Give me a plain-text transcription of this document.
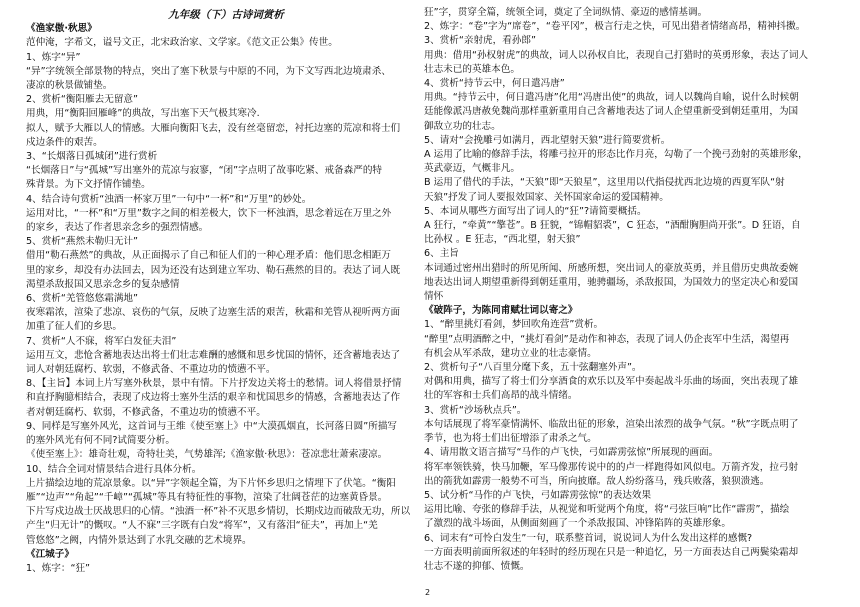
九年级（下）古诗词赏析
《渔家傲·秋思》
范仲淹，字希文，谥号文正，北宋政治家、文学家。《范文正公集》传世。
1、炼字“异”
“异”字统领全部景物的特点，突出了塞下秋景与中原的不同，为下文写西北边境肃杀、
凄凉的秋景做铺垫。
2、赏析“衡阳雁去无留意”
用典，用“衡阳回雁峰”的典故，写出塞下天气极其寒冷.
拟人，赋予大雁以人的情感。大雁向衡阳飞去，没有丝毫留恋，衬托边塞的荒凉和将士们
戍边条件的艰苦。
3、“长烟落日孤城闭”进行赏析
“长烟落日”与“孤城”写出塞外的荒凉与寂寥，“闭”字点明了故事吃紧、戒备森严的特
殊背景。为下文抒情作铺垫。
4、结合诗句赏析“浊酒一杯家万里”一句中“一杯”和“万里”的妙处。
运用对比，“一杯”和“万里”数字之间的相差极大，饮下一杯浊酒，思念着远在万里之外
的家乡，表达了作者思亲念乡的强烈情感。
5、赏析“燕然未勒归无计”
借用“勒石燕然”的典故，从正面揭示了自己和征人们的一种心理矛盾：他们思念相距万
里的家乡，却没有办法回去，因为还没有达到建立军功、勒石燕然的目的。表达了词人既
渴望杀敌报国又思亲念乡的复杂感情
6、赏析“羌管悠悠霜满地”
夜寒霜浓，渲染了悲凉、哀伤的气氛，反映了边塞生活的艰苦，秋霜和羌管从视听两方面
加重了征人们的乡思。
7、赏析“人不寐，将军白发征夫泪”
运用互文，悲怆含蓄地表达出将士们壮志难酬的感慨和思乡忧国的情怀，还含蓄地表达了
词人对朝廷腐朽、软弱，不修武备、不重边功的愤懑不平。
8、【主旨】本词上片写塞外秋景，景中有情。下片抒发边关将士的愁情。词人将借景抒情
和直抒胸臆相结合，表现了戍边将士塞外生活的艰辛和忧国思乡的情感，含蓄地表达了作
者对朝廷腐朽、软弱，不修武备，不重边功的愤懑不平。
9、同样是写塞外风光，这首词与王维《使至塞上》中“大漠孤烟直，长河落日圆”所描写
的塞外风光有何不同?试简要分析。
《使至塞上》：雄奇壮观，奇特壮美，气势雄浑;《渔家傲·秋思》：苍凉悲壮萧索凄凉。
10、结合全词对情景结合进行具体分析。
上片描绘边地的荒凉景象。以“异”字领起全篇，为下片怀乡思归之情埋下了伏笔。“衡阳
雁”“边声”“角起”“千嶂”“孤城”等具有特征性的事物，渲染了壮阔苍茫的边塞黄昏景。
下片写戍边战士厌战思归的心情。“浊酒一杯”补不灭思乡情切，长期戍边而破敌无功，所以
产生“归无计”的慨叹。“人不寐”三字既有白发“将军”，又有落泪“征夫”，再加上“羌
管悠悠”之阙，内情外景达到了水乳交融的艺术境界。
《江城子》
1、炼字：“狂”
狂”字，贯穿全篇，统领全词，奠定了全词纵情、豪迈的感情基调。
2、炼字：“卷”字为“席卷”，“卷平冈”，极言行走之快，可见出猎者情绪高昂，精神抖擞。
3、赏析“亲射虎，看孙郎”
用典：借用“孙权射虎”的典故，词人以孙权自比，表现自己打猎时的英勇形象，表达了词人
壮志未已的英雄本色。
4、赏析“持节云中，何日遣冯唐”
用典。“持节云中，何日遣冯唐”化用“冯唐出使”的典故，词人以魏尚自喻，说什么时候朝
廷能像派冯唐赦免魏尚那样重新重用自己含蓄地表达了词人企望重新受到朝廷重用，为国
御敌立功的壮志。
5、请对“会挽雕弓如满月，西北望射天狼”进行简要赏析。
A 运用了比喻的修辞手法，将雕弓拉开的形态比作月亮，勾勒了一个挽弓劲射的英雄形象，
英武豪迈，气概非凡。
B 运用了借代的手法，“天狼”即“天狼星”，这里用以代指侵扰西北边境的西夏军队“射
天狼”抒发了词人要报效国家、关怀国家命运的爱国精神。
5、本词从哪些方面写出了词人的“狂”?请简要概括。
A 狂行，“牵黄”“擎苍”。B 狂貌，“锦帽貂裘”，C 狂态，“酒酣胸胆尚开张”。D 狂语，自
比孙权 。E 狂志，“西北望，射天狼”
6、主旨
本词通过密州出猎时的所见所闻、所感所想，突出词人的豪放英勇，并且借历史典故委婉
地表达出词人期望重新得到朝廷重用，驰骋疆场，杀敌报国，为国效力的坚定决心和爱国
情怀
《破阵子，为陈同甫赋壮词以寄之》
1、“醉里挑灯看剑，梦回吹角连营”赏析。
“醉里”点明酒醉之中，“挑灯看剑”是动作和神态，表现了词人仍企丧军中生活，渴望再
有机会从军杀敌，建功立业的壮志豪情。
2、赏析句子“八百里分麾下炙，五十弦翻塞外声”。
对偶和用典，描写了将士们分享酒食的欢乐以及军中奏起战斗乐曲的场面，突出表现了雄
壮的军容和士兵们高昂的战斗情绪。
3、赏析“沙场秋点兵”。
本句话展现了将军豪情满怀、临敌出征的形象，渲染出浓烈的战争气氛。“秋”字既点明了
季节，也为将士们出征增添了肃杀之气。
4、请用散文语言描写“马作的卢飞快，弓如霹雳弦惊”所展现的画面。
将军率领铁骑，快马加鞭，军马像那传说中的的卢一样跑得如风似电。万箭齐发，拉弓射
出的箭犹如霹雳一般势不可当，所向披靡。敌人纷纷落马，残兵败落，狼狈溃逃。
5、试分析“马作的卢飞快，弓如霹雳弦惊”的表达效果
运用比喻、夸张的修辞手法，从视觉和听觉两个角度，将“弓弦巨响”比作“霹雳”，描绘
了激烈的战斗场面，从侧面刻画了一个杀敌报国、冲锋陷阵的英雄形象。
6、词末有“可怜白发生”一句，联系整首词，说说词人为什么发出这样的感慨?
一方面表明前面所叙述的年轻时的经历现在只是一种追忆，另一方面表达自己两鬓染霜却
壮志不遂的抑郁、愤慨。
2
